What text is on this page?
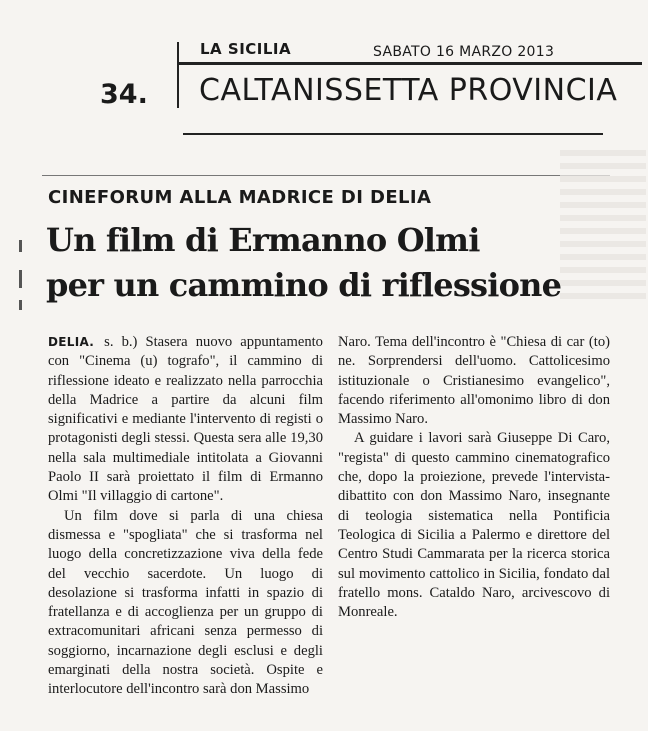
LA SICILIA	SABATO 16 MARZO 2013
34. CALTANISSETTA PROVINCIA
CINEFORUM ALLA MADRICE DI DELIA
Un film di Ermanno Olmi
per un cammino di riflessione

DELIA. s. b.) Stasera nuovo appuntamento con "Cinema (u) tografo", il cammino di riflessione ideato e realizzato nella parrocchia della Madrice a partire da alcuni film significativi e mediante l'intervento di registi o protagonisti degli stessi. Questa sera alle 19,30 nella sala multimediale intitolata a Giovanni Paolo II sarà proiettato il film di Ermanno Olmi "Il villaggio di cartone".

Un film dove si parla di una chiesa dismessa e "spogliata" che si trasforma nel luogo della concretizzazione viva della fede del vecchio sacerdote. Un luogo di desolazione si trasforma infatti in spazio di fratellanza e di accoglienza per un gruppo di extracomunitari africani senza permesso di soggiorno, incarnazione degli esclusi e degli emarginati della nostra società. Ospite e interlocutore dell'incontro sarà don Massimo

Naro. Tema dell'incontro è "Chiesa di car (to) ne. Sorprendersi dell'uomo. Cattolicesimo istituzionale o Cristianesimo evangelico", facendo riferimento all'omonimo libro di don Massimo Naro.

A guidare i lavori sarà Giuseppe Di Caro, "regista" di questo cammino cinematografico che, dopo la proiezione, prevede l'intervista-dibattito con don Massimo Naro, insegnante di teologia sistematica nella Pontificia Teologica di Sicilia a Palermo e direttore del Centro Studi Cammarata per la ricerca storica sul movimento cattolico in Sicilia, fondato dal fratello mons. Cataldo Naro, arcivescovo di Monreale.
